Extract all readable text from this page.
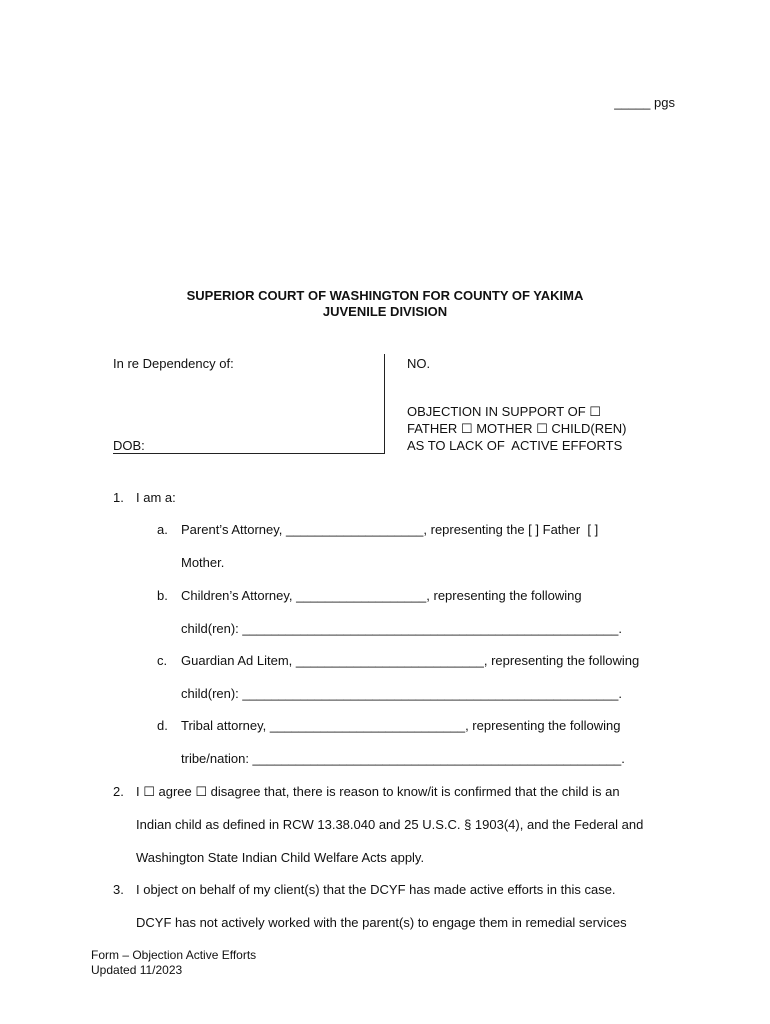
_____ pgs
SUPERIOR COURT OF WASHINGTON FOR COUNTY OF YAKIMA
JUVENILE DIVISION
In re Dependency of:
DOB:
NO.
OBJECTION IN SUPPORT OF ☐
FATHER ☐ MOTHER ☐ CHILD(REN)
AS TO LACK OF  ACTIVE EFFORTS
1. I am a:
a. Parent’s Attorney, ___________________, representing the [ ] Father  [ ]
Mother.
b. Children’s Attorney, __________________, representing the following
child(ren): ____________________________________________________.
c. Guardian Ad Litem, __________________________, representing the following
child(ren): ____________________________________________________.
d. Tribal attorney, ___________________________, representing the following
tribe/nation: ___________________________________________________.
2. I ☐ agree ☐ disagree that, there is reason to know/it is confirmed that the child is an
Indian child as defined in RCW 13.38.040 and 25 U.S.C. § 1903(4), and the Federal and
Washington State Indian Child Welfare Acts apply.
3. I object on behalf of my client(s) that the DCYF has made active efforts in this case.
DCYF has not actively worked with the parent(s) to engage them in remedial services
Form – Objection Active Efforts
Updated 11/2023
